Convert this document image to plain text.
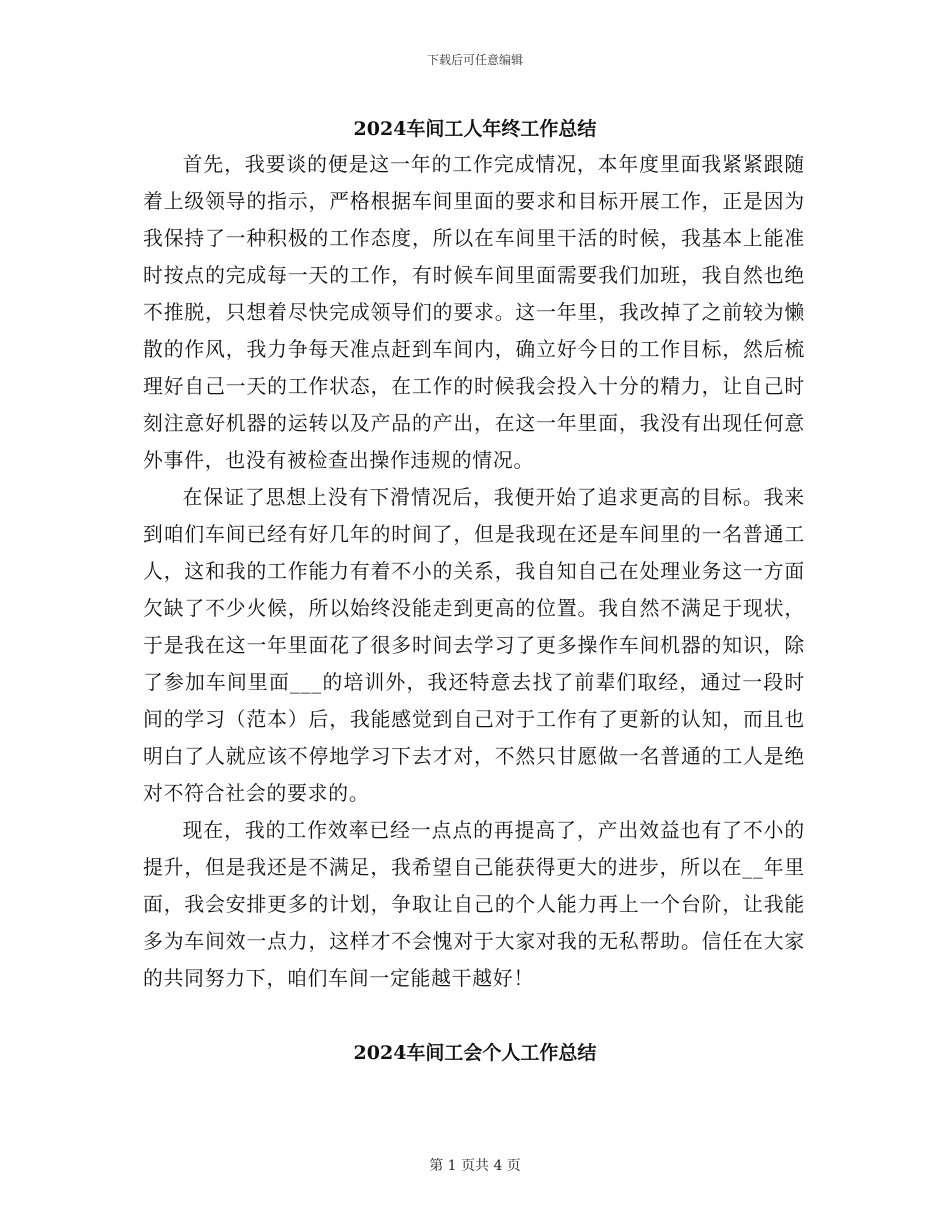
下载后可任意编辑
2024车间工人年终工作总结

首先，我要谈的便是这一年的工作完成情况，本年度里面我紧紧跟随着上级领导的指示，严格根据车间里面的要求和目标开展工作，正是因为我保持了一种积极的工作态度，所以在车间里干活的时候，我基本上能准时按点的完成每一天的工作，有时候车间里面需要我们加班，我自然也绝不推脱，只想着尽快完成领导们的要求。这一年里，我改掉了之前较为懒散的作风，我力争每天准点赶到车间内，确立好今日的工作目标，然后梳理好自己一天的工作状态，在工作的时候我会投入十分的精力，让自己时刻注意好机器的运转以及产品的产出，在这一年里面，我没有出现任何意外事件，也没有被检查出操作违规的情况。

在保证了思想上没有下滑情况后，我便开始了追求更高的目标。我来到咱们车间已经有好几年的时间了，但是我现在还是车间里的一名普通工人，这和我的工作能力有着不小的关系，我自知自己在处理业务这一方面欠缺了不少火候，所以始终没能走到更高的位置。我自然不满足于现状，于是我在这一年里面花了很多时间去学习了更多操作车间机器的知识，除了参加车间里面___的培训外，我还特意去找了前辈们取经，通过一段时间的学习（范本）后，我能感觉到自己对于工作有了更新的认知，而且也明白了人就应该不停地学习下去才对，不然只甘愿做一名普通的工人是绝对不符合社会的要求的。

现在，我的工作效率已经一点点的再提高了，产出效益也有了不小的提升，但是我还是不满足，我希望自己能获得更大的进步，所以在__年里面，我会安排更多的计划，争取让自己的个人能力再上一个台阶，让我能多为车间效一点力，这样才不会愧对于大家对我的无私帮助。信任在大家的共同努力下，咱们车间一定能越干越好！

2024车间工会个人工作总结
第 1 页共 4 页
